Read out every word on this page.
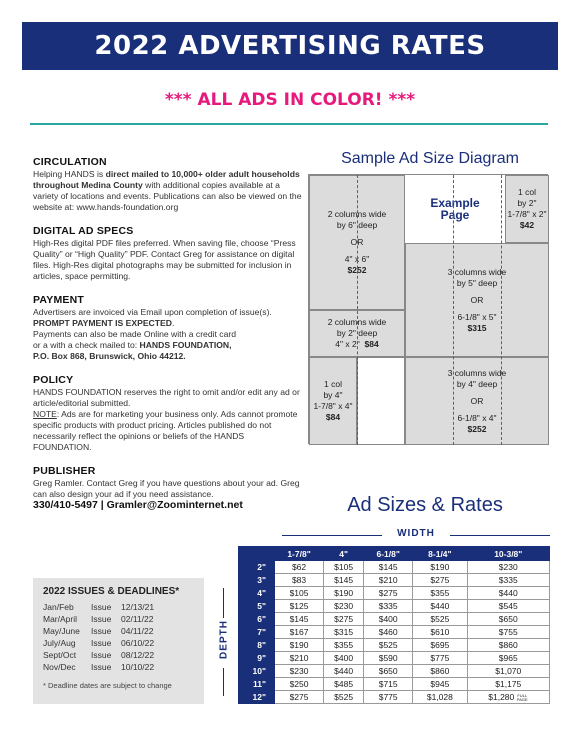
2022 ADVERTISING RATES
*** ALL ADS IN COLOR! ***
CIRCULATION

Helping HANDS is direct mailed to 10,000+ older adult households throughout Medina County with additional copies available at a variety of locations and events. Publications can also be viewed on the website at: www.hands-foundation.org

DIGITAL AD SPECS

High-Res digital PDF files preferred. When saving file, choose “Press Quality” or “High Quality” PDF. Contact Greg for assistance on digital files. High-Res digital photographs may be submitted for inclusion in articles, space permitting.

PAYMENT

Advertisers are invoiced via Email upon completion of issue(s).

PROMPT PAYMENT IS EXPECTED.

Payments can also be made Online with a credit card

or a with a check mailed to: HANDS FOUNDATION,

P.O. Box 868, Brunswick, Ohio 44212.

POLICY

HANDS FOUNDATION reserves the right to omit and/or edit any ad or article/editorial submitted.

NOTE: Ads are for marketing your business only. Ads cannot promote specific products with product pricing. Articles published do not necessarily reflect the opinions or beliefs of the HANDS FOUNDATION.

PUBLISHER

Greg Ramler. Contact Greg if you have questions about your ad. Greg can also design your ad if you need assistance.

330/410-5497 | Gramler@Zoominternet.net

Sample Ad Size Diagram
2 columns wide
by 6" deep
OR
4" x 6"
$252
Example
Page
1 col
by 2"
1-7/8" x 2"
$42
3 columns wide
by 5" deep
OR
6-1/8" x 5"
$315
2 columns wide
by 2" deep
4" x 2" $84
1 col
by 4"
1-7/8" x 4"
$84
3 columns wide
by 4" deep
OR
6-1/8" x 4"
$252
Ad Sizes & Rates
WIDTH
DEPTH
	1-7/8"	4"	6-1/8"	8-1/4"	10-3/8"
2"	$62	$105	$145	$190	$230
3"	$83	$145	$210	$275	$335
4"	$105	$190	$275	$355	$440
5"	$125	$230	$335	$440	$545
6"	$145	$275	$400	$525	$650
7"	$167	$315	$460	$610	$755
8"	$190	$355	$525	$695	$860
9"	$210	$400	$590	$775	$965
10"	$230	$440	$650	$860	$1,070
11"	$250	$485	$715	$945	$1,175
12"	$275	$525	$775	$1,028	$1,280 FULL PAGE
2022 ISSUES & DEADLINES*
Jan/Feb	Issue	12/13/21
Mar/April	Issue	02/11/22
May/June	Issue	04/11/22
July/Aug	Issue	06/10/22
Sept/Oct	Issue	08/12/22
Nov/Dec	Issue	10/10/22
* Deadline dates are subject to change
